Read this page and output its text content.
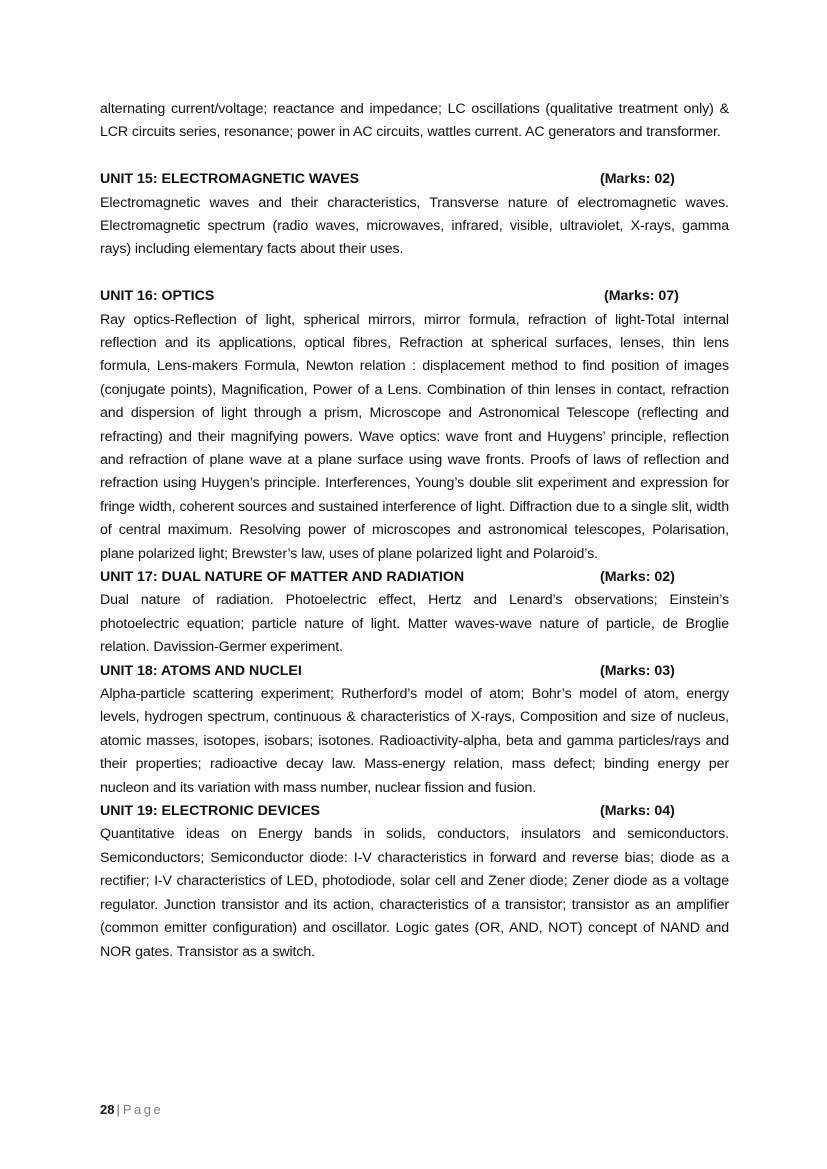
alternating current/voltage; reactance and impedance; LC oscillations (qualitative treatment only) & LCR circuits series, resonance; power in AC circuits, wattles current. AC generators and transformer.

UNIT 15: ELECTROMAGNETIC WAVES	(Marks: 02)

Electromagnetic waves and their characteristics, Transverse nature of electromagnetic waves. Electromagnetic spectrum (radio waves, microwaves, infrared, visible, ultraviolet, X-rays, gamma rays) including elementary facts about their uses.

UNIT 16: OPTICS	(Marks: 07)

Ray optics-Reflection of light, spherical mirrors, mirror formula, refraction of light-Total internal reflection and its applications, optical fibres, Refraction at spherical surfaces, lenses, thin lens formula, Lens-makers Formula, Newton relation : displacement method to find position of images (conjugate points), Magnification, Power of a Lens. Combination of thin lenses in contact, refraction and dispersion of light through a prism, Microscope and Astronomical Telescope (reflecting and refracting) and their magnifying powers. Wave optics: wave front and Huygens’ principle, reflection and refraction of plane wave at a plane surface using wave fronts. Proofs of laws of reflection and refraction using Huygen’s principle. Interferences, Young’s double slit experiment and expression for fringe width, coherent sources and sustained interference of light. Diffraction due to a single slit, width of central maximum. Resolving power of microscopes and astronomical telescopes, Polarisation, plane polarized light; Brewster’s law, uses of plane polarized light and Polaroid’s.

UNIT 17: DUAL NATURE OF MATTER AND RADIATION	(Marks: 02)

Dual nature of radiation. Photoelectric effect, Hertz and Lenard’s observations; Einstein’s photoelectric equation; particle nature of light. Matter waves-wave nature of particle, de Broglie relation. Davission-Germer experiment.

UNIT 18: ATOMS AND NUCLEI	(Marks: 03)

Alpha-particle scattering experiment; Rutherford’s model of atom; Bohr’s model of atom, energy levels, hydrogen spectrum, continuous & characteristics of X-rays, Composition and size of nucleus, atomic masses, isotopes, isobars; isotones. Radioactivity-alpha, beta and gamma particles/rays and their properties; radioactive decay law. Mass-energy relation, mass defect; binding energy per nucleon and its variation with mass number, nuclear fission and fusion.

UNIT 19: ELECTRONIC DEVICES	(Marks: 04)

Quantitative ideas on Energy bands in solids, conductors, insulators and semiconductors. Semiconductors; Semiconductor diode: I-V characteristics in forward and reverse bias; diode as a rectifier; I-V characteristics of LED, photodiode, solar cell and Zener diode; Zener diode as a voltage regulator. Junction transistor and its action, characteristics of a transistor; transistor as an amplifier (common emitter configuration) and oscillator. Logic gates (OR, AND, NOT) concept of NAND and NOR gates. Transistor as a switch.

28 | Page
